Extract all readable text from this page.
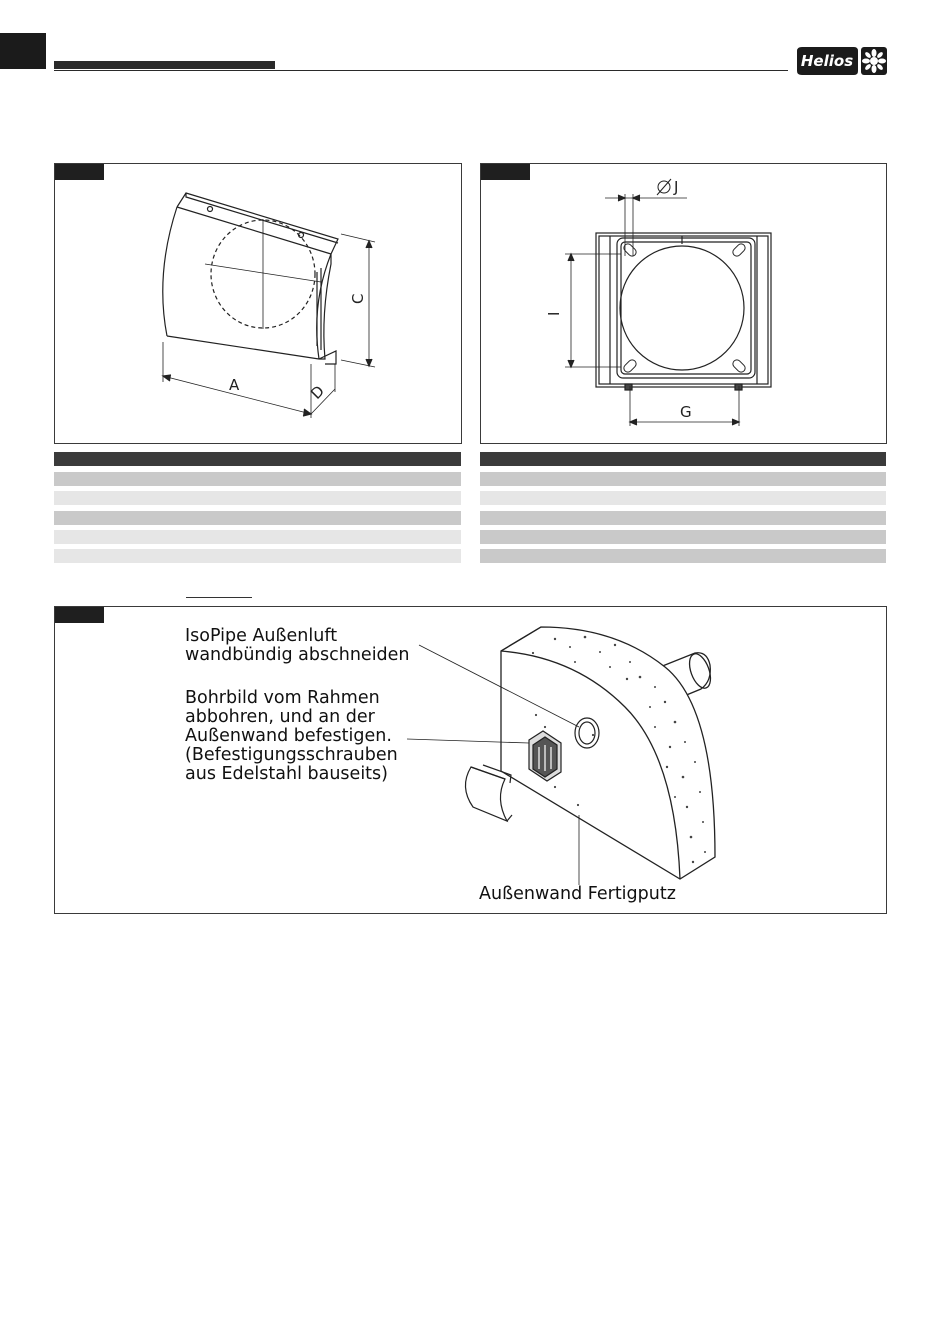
Helios
C
A	D
J
I
G
IsoPipe Außenluft
wandbündig abschneiden
Bohrbild vom Rahmen
abbohren, und an der
Außenwand befestigen.
(Befestigungsschrauben
aus Edelstahl bauseits)
Außenwand Fertigputz
